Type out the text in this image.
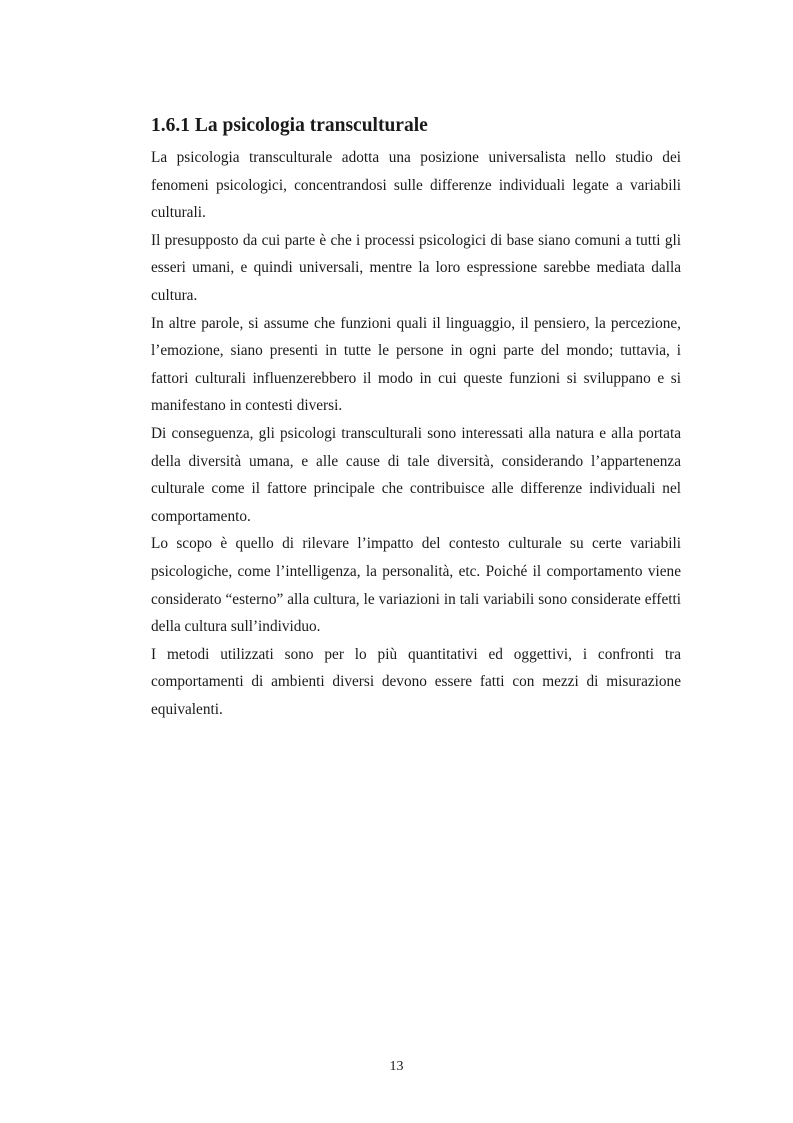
1.6.1 La psicologia transculturale

La psicologia transculturale adotta una posizione universalista nello studio dei fenomeni psicologici, concentrandosi sulle differenze individuali legate a variabili culturali.

Il presupposto da cui parte è che i processi psicologici di base siano comuni a tutti gli esseri umani, e quindi universali, mentre la loro espressione sarebbe mediata dalla cultura.

In altre parole, si assume che funzioni quali il linguaggio, il pensiero, la percezione, l’emozione, siano presenti in tutte le persone in ogni parte del mondo; tuttavia, i fattori culturali influenzerebbero il modo in cui queste funzioni si sviluppano e si manifestano in contesti diversi.

Di conseguenza, gli psicologi transculturali sono interessati alla natura e alla portata della diversità umana, e alle cause di tale diversità, considerando l’appartenenza culturale come il fattore principale che contribuisce alle differenze individuali nel comportamento.

Lo scopo è quello di rilevare l’impatto del contesto culturale su certe variabili psicologiche, come l’intelligenza, la personalità, etc. Poiché il comportamento viene considerato “esterno” alla cultura, le variazioni in tali variabili sono considerate effetti della cultura sull’individuo.

I metodi utilizzati sono per lo più quantitativi ed oggettivi, i confronti tra comportamenti di ambienti diversi devono essere fatti con mezzi di misurazione equivalenti.

13
